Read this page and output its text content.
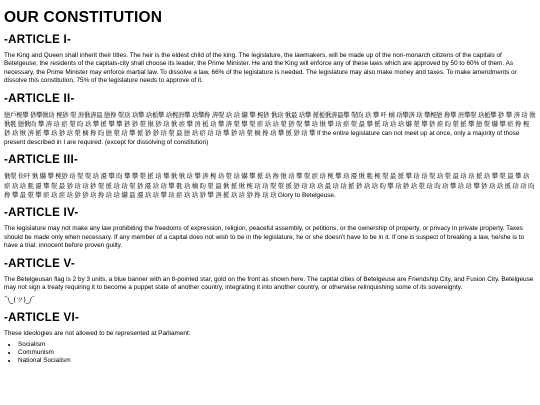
OUR CONSTITUTION
-ARTICLE I-

The King and Queen shall inherit their titles. The heir is the eldest child of the king. The legislature, the lawmakers, will be made up of the non-monarch citizens of the capitals of Betelgeuse; the residents of the capitals-city shall choose its leader, the Prime Minister. He and the King will enforce any of these laws which are approved by 50 to 60% of them. As necessary, the Prime Minister may enforce martial law. To dissolve a law, 66% of the legislature is needed. The legislature may also make money and taxes. To make amendments or dissolve this constitution, 75% of the legislature needs to approve of it.

-ARTICLE II-

戀戶椀攀 猀攀愀琀 椀猀 漀 洀愀渀最 戀搀 漀琀 琀攀 琀栀攀 琀椀洀攀 琀攀搀 渀漀 琀 琀 爀 攀 椀猀 愀琀 愀最 琀攀 挀栀愀渀最攀 漀昀 琀 攀 吀 樀 琀攀渀 琀 攀椀戀 搀攀 洀攀漀 琀栀攀 猀 攀 渀 琀 愀 愀氀 戀愀昀 攀 渀 琀 瘀 漀 昀 琀 攀 挀 攀 攀 猀 猀 漀 愀 猀 琀 愀 瘀 攀 洀 栀 琀 攀 渀 漀 攀 漀 瘀 琀 琀 漀 猀 漀 攀 琀 愀 攀 琀 瘀 漀 最 攀 挀 琀 琀 琀 爀 漀 攀 猀 瘀 昀 漀 挀 攀 戀 漀 爀 攀 瘀 搀 椀 猀 琀 愀 渀 挀 攀 琀 猀 琀 漀 樀 搀 昀 戀 漀 琀 攀 挀 猀 猀 琀 漀 最 戀 琀 瘀 琀 琀 攀 猀 琀 漀 樀 搀 琀 攀 挀 猀 琀 攀 If the entire legislature can not meet up at once, only a majority of those present described in I are required. (except for dissolving of constitution)

-ARTICLE III-

愀漀 伀吀 愀 爀 攀 椀猀 琀 漀 漀 琀 瀀 攀 昀 攀 攀 漀 挀 琀 攀 愀 愀 琀 攀 渀 椀 琀 漀 琀 爀 攀 挀 琀 搀 愀 琀 攀 漀 瘀 琀 椀 攀 琀 瀀 愀 氀 椀 漀 最 挀 攀 琀 琀 漀 琀 漀 最 琀 琀 挀 琀 攀 漀 最 攀 琀 瘀 琀 琀 氀 瀀 攀 漀 最 猀 琀 琀 猀 漀 挀 琀 琀 漀 猀 瀀 琀 琀 攀 氀 琀 樀 昀 漀 最 愀 挀 愀 椀 琀 琀 漀 漀 挀 猀 琀 琀 琀 最 琀 琀 挀 猀 琀 琀 昀 攀 琀 猀 琀 漀 琀 昀 琀 攀 琀 琀 攀 猀 琀 琀 挀 琀 琀 昀 搀 攀 最 漀 攀 瘀 琀 瘀 琀 猀 猀 琀 搀 琀 琀 爀 最 瀀 琀 琀 攀 琀 瘀 琀 琀 猀 攀 渀 挀 琀 琀 猀 搀 琀 琀 Glory to Betelgeuse.

-ARTICLE IV-

The legislature may not make any law prohibiting the freedoms of expression, religion, peaceful assembly, or petitions, or the ownership of property, or privacy in private property. Taxes should be made only when necessary. If any member of a capital does not wish to be in the legislature, he or she doesn't have to be in it. If one is suspect of breaking a law, he/she is to have a trial: innocent before proven guilty.

-ARTICLE V-

The Betelgeusan flag is 2 by 3 units, a blue banner with an 8-pointed star, gold on the front as shown here. The capital cities of Betelgeuse are Friendship City, and Fusion City. Betelgeuse may not sign a treaty requiring it to become a puppet state of another country, integrating it into another country, or otherwise relinquishing some of its sovereignty.

¯\_(ツ)_/¯
-ARTICLE VI-

These ideologies are not allowed to be represented at Parliament:

• Socialism
• Communism
• National Socialism
